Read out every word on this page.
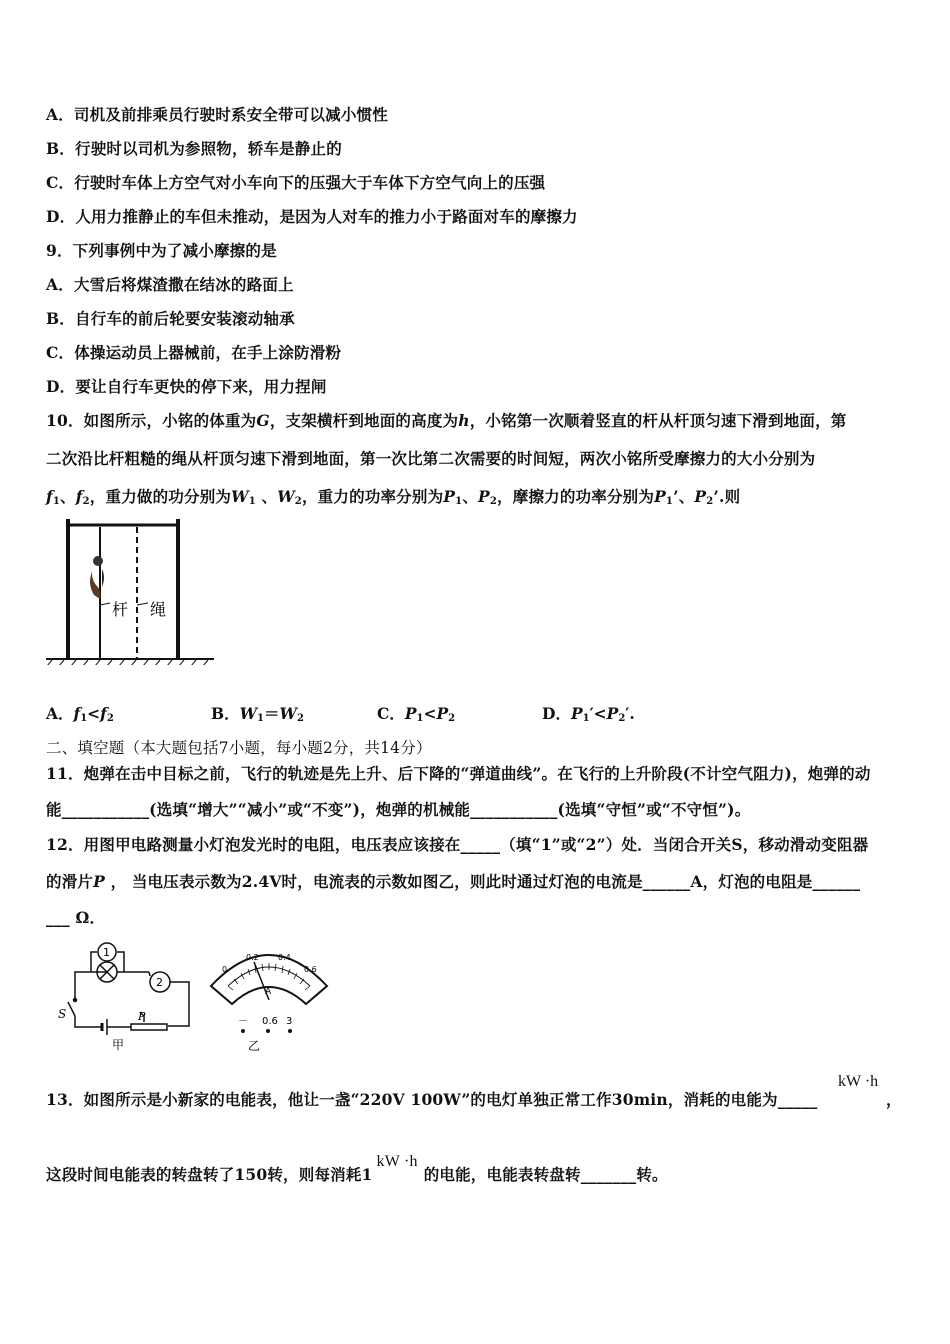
A．司机及前排乘员行驶时系安全带可以减小惯性
B．行驶时以司机为参照物，轿车是静止的
C．行驶时车体上方空气对小车向下的压强大于车体下方空气向上的压强
D．人用力推静止的车但未推动，是因为人对车的推力小于路面对车的摩擦力
9．下列事例中为了减小摩擦的是
A．大雪后将煤渣撒在结冰的路面上
B．自行车的前后轮要安装滚动轴承
C．体操运动员上器械前，在手上涂防滑粉
D．要让自行车更快的停下来，用力捏闸
10．如图所示，小铭的体重为G，支架横杆到地面的高度为h，小铭第一次顺着竖直的杆从杆顶匀速下滑到地面，第
二次沿比杆粗糙的绳从杆顶匀速下滑到地面，第一次比第二次需要的时间短，两次小铭所受摩擦力的大小分别为
$f_1$、$f_2$，重力做的功分别为$W_1$ 、$W_2$，重力的功率分别为$P_1$、$P_2$，摩擦力的功率分别为$P_1$’、$P_2$’.则
杆 绳
A．$f_1<f_2$	B．$W_1=W_2$	C．$P_1<P_2$	D．$P_1'<P_2'$.
二、填空题（本大题包括7小题，每小题2分，共14分）
11．炮弹在击中目标之前，飞行的轨迹是先上升、后下降的“弹道曲线”。在飞行的上升阶段(不计空气阻力)，炮弹的动
能___________(选填“增大”“减小”或“不变”)，炮弹的机械能___________(选填“守恒”或“不守恒”)。
12．用图甲电路测量小灯泡发光时的电阻，电压表应该接在_____（填“1”或“2”）处．当闭合开关S，移动滑动变阻器
的滑片P ， 当电压表示数为2.4V时，电流表的示数如图乙，则此时通过灯泡的电流是______A，灯泡的电阻是______
___ Ω．
1
2
S	P
甲
0
0.2 0.4
0.6
A
－ 0.6 3
乙
13．如图所示是小新家的电能表，他让一盏“220V 100W”的电灯单独正常工作30min，消耗的电能为_____
kW ·h
，
这段时间电能表的转盘转了150转，则每消耗1kW ·h的电能，电能表转盘转_______转。
